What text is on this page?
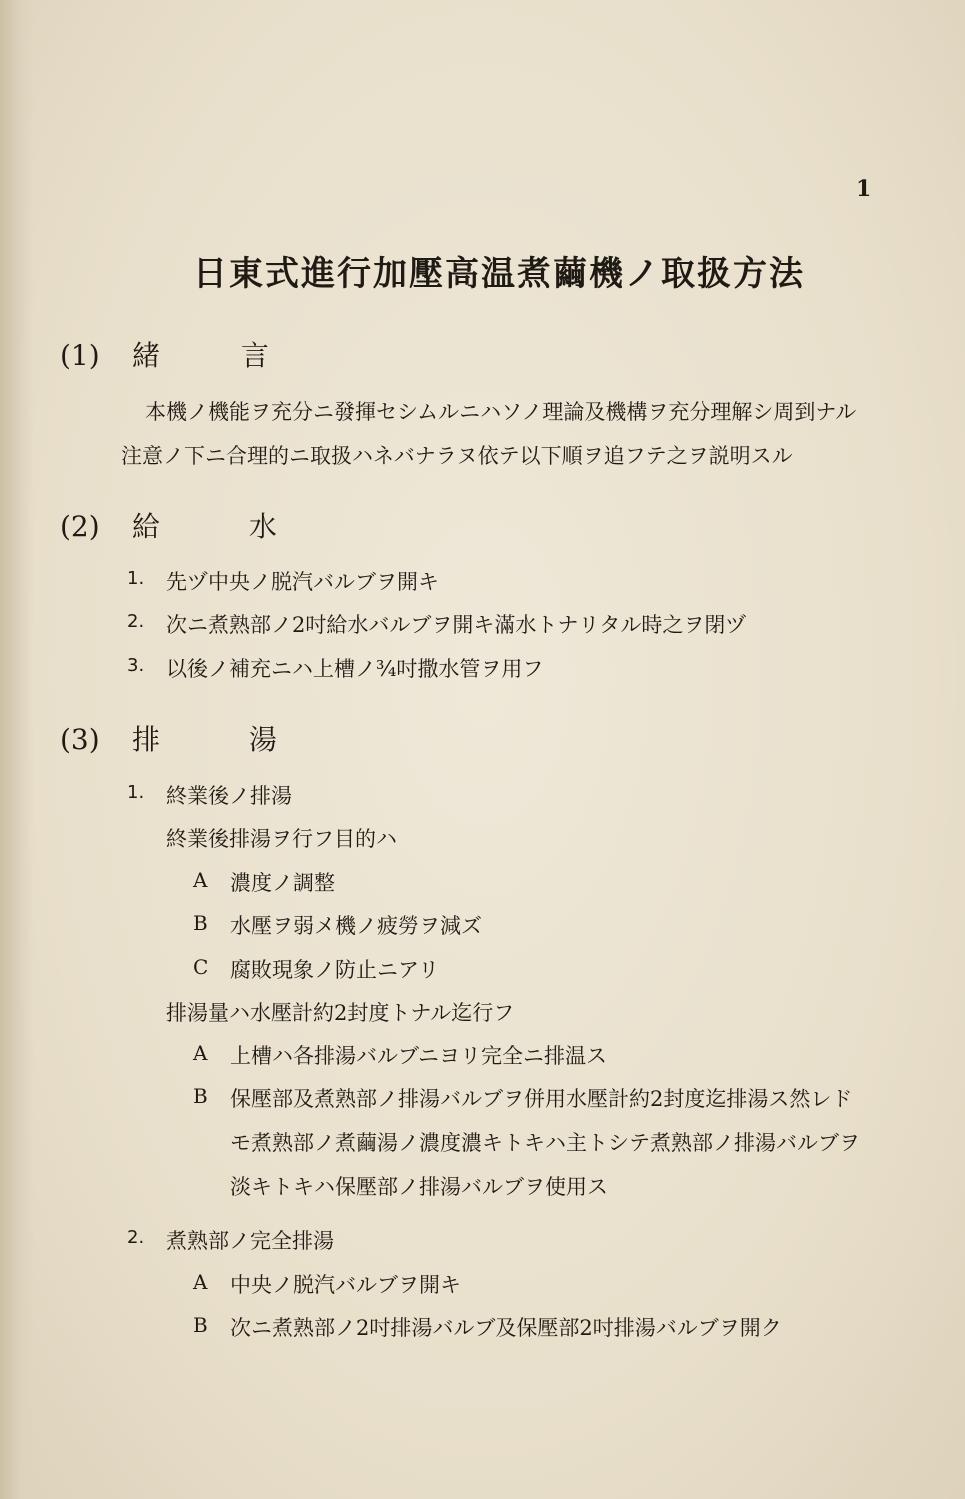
1
日東式進行加壓高温煮繭機ノ取扱方法
(1) 緒 言
本機ノ機能ヲ充分ニ發揮セシムルニハソノ理論及機構ヲ充分理解シ周到ナル
注意ノ下ニ合理的ニ取扱ハネバナラヌ依テ以下順ヲ追フテ之ヲ説明スル
(2) 給 水
1. 先ヅ中央ノ脱汽バルブヲ開キ
2. 次ニ煮熟部ノ2吋給水バルブヲ開キ滿水トナリタル時之ヲ閉ヅ
3. 以後ノ補充ニハ上槽ノ¾吋撒水管ヲ用フ
(3) 排 湯
1. 終業後ノ排湯
終業後排湯ヲ行フ目的ハ
A 濃度ノ調整
B 水壓ヲ弱メ機ノ疲勞ヲ減ズ
C 腐敗現象ノ防止ニアリ
排湯量ハ水壓計約2封度トナル迄行フ
A 上槽ハ各排湯バルブニヨリ完全ニ排温ス
B 保壓部及煮熟部ノ排湯バルブヲ併用水壓計約2封度迄排湯ス然レド
モ煮熟部ノ煮繭湯ノ濃度濃キトキハ主トシテ煮熟部ノ排湯バルブヲ
淡キトキハ保壓部ノ排湯バルブヲ使用ス
2. 煮熟部ノ完全排湯
A 中央ノ脱汽バルブヲ開キ
B 次ニ煮熟部ノ2吋排湯バルブ及保壓部2吋排湯バルブヲ開ク
